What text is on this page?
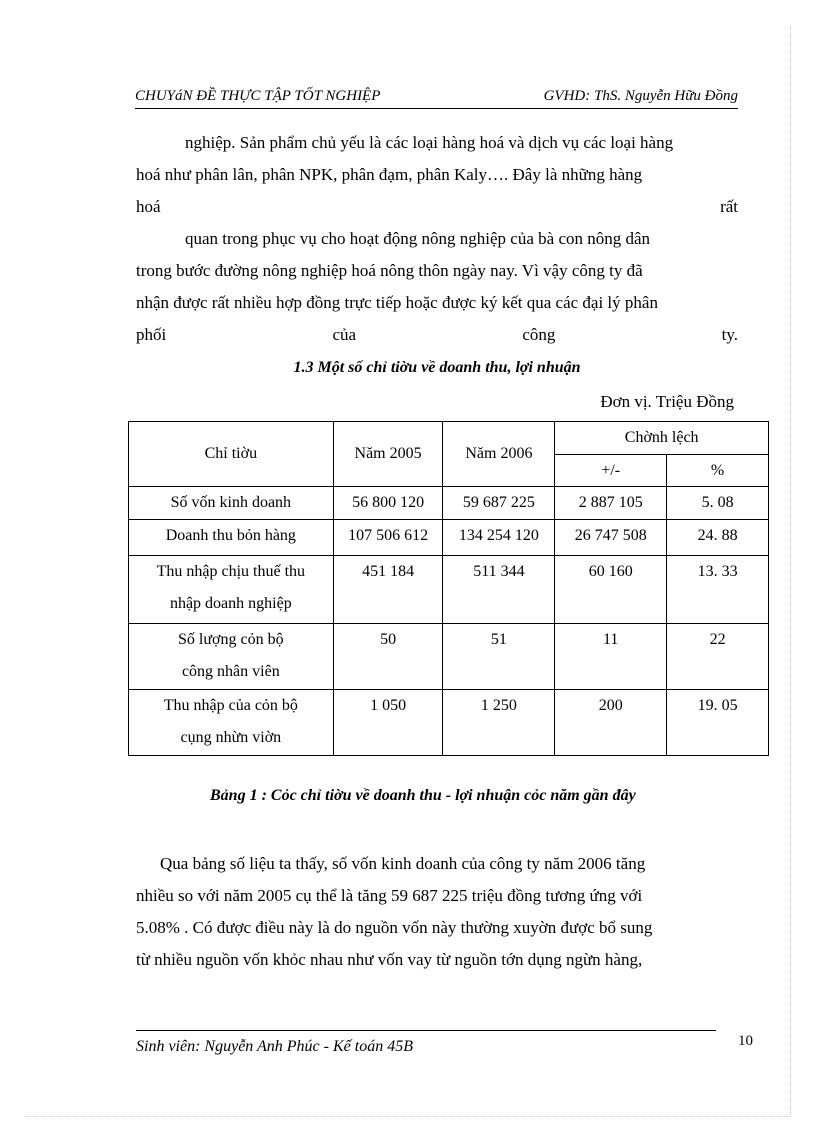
CHUYáN ĐỀ THỰC TẬP TỐT NGHIỆP	GVHD: ThS. Nguyễn Hữu Đồng
nghiệp. Sản phẩm chủ yếu là các loại hàng hoá và dịch vụ các loại hàng
hoá như phân lân, phân NPK, phân đạm, phân Kaly…. Đây là những hàng
hoá	rất
quan trong phục vụ cho hoạt động nông nghiệp của bà con nông dân
trong bước đường nông nghiệp hoá nông thôn ngày nay. Vì vậy công ty đã
nhận được rất nhiều hợp đồng trực tiếp hoặc được ký kết qua các đại lý phân
phối	của	công	ty.
1.3 Một số chỉ tiờu về doanh thu, lợi nhuận
Đơn vị. Triệu Đồng
Chỉ tiờu	Năm 2005	Năm 2006	Chờnh lệch	
			+/-	%

Số vốn kinh doanh	56 800 120	59 687 225	2 887 105	5. 08

Doanh thu bỏn hàng	107 506 612	134 254 120	26 747 508	24. 88

Thu nhập chịu thuế thu
nhập doanh nghiệp	451 184	511 344	60 160	13. 33

Số lượng cỏn bộ
công nhân viên	50	51	11	22

Thu nhập của cỏn bộ
cụng nhừn viờn	1 050	1 250	200	19. 05
Bảng 1 : Cỏc chỉ tiờu về doanh thu - lợi nhuận cỏc năm gần đây
Qua bảng số liệu ta thấy, số vốn kinh doanh của công ty năm 2006 tăng
nhiều so với năm 2005 cụ thể là tăng 59 687 225 triệu đồng tương ứng với
5.08% . Có được điều này là do nguồn vốn này thường xuyờn được bổ sung
từ nhiều nguồn vốn khỏc nhau như vốn vay từ nguồn tớn dụng ngừn hàng,
Sinh viên: Nguyễn Anh Phúc - Kế toán 45B	10
